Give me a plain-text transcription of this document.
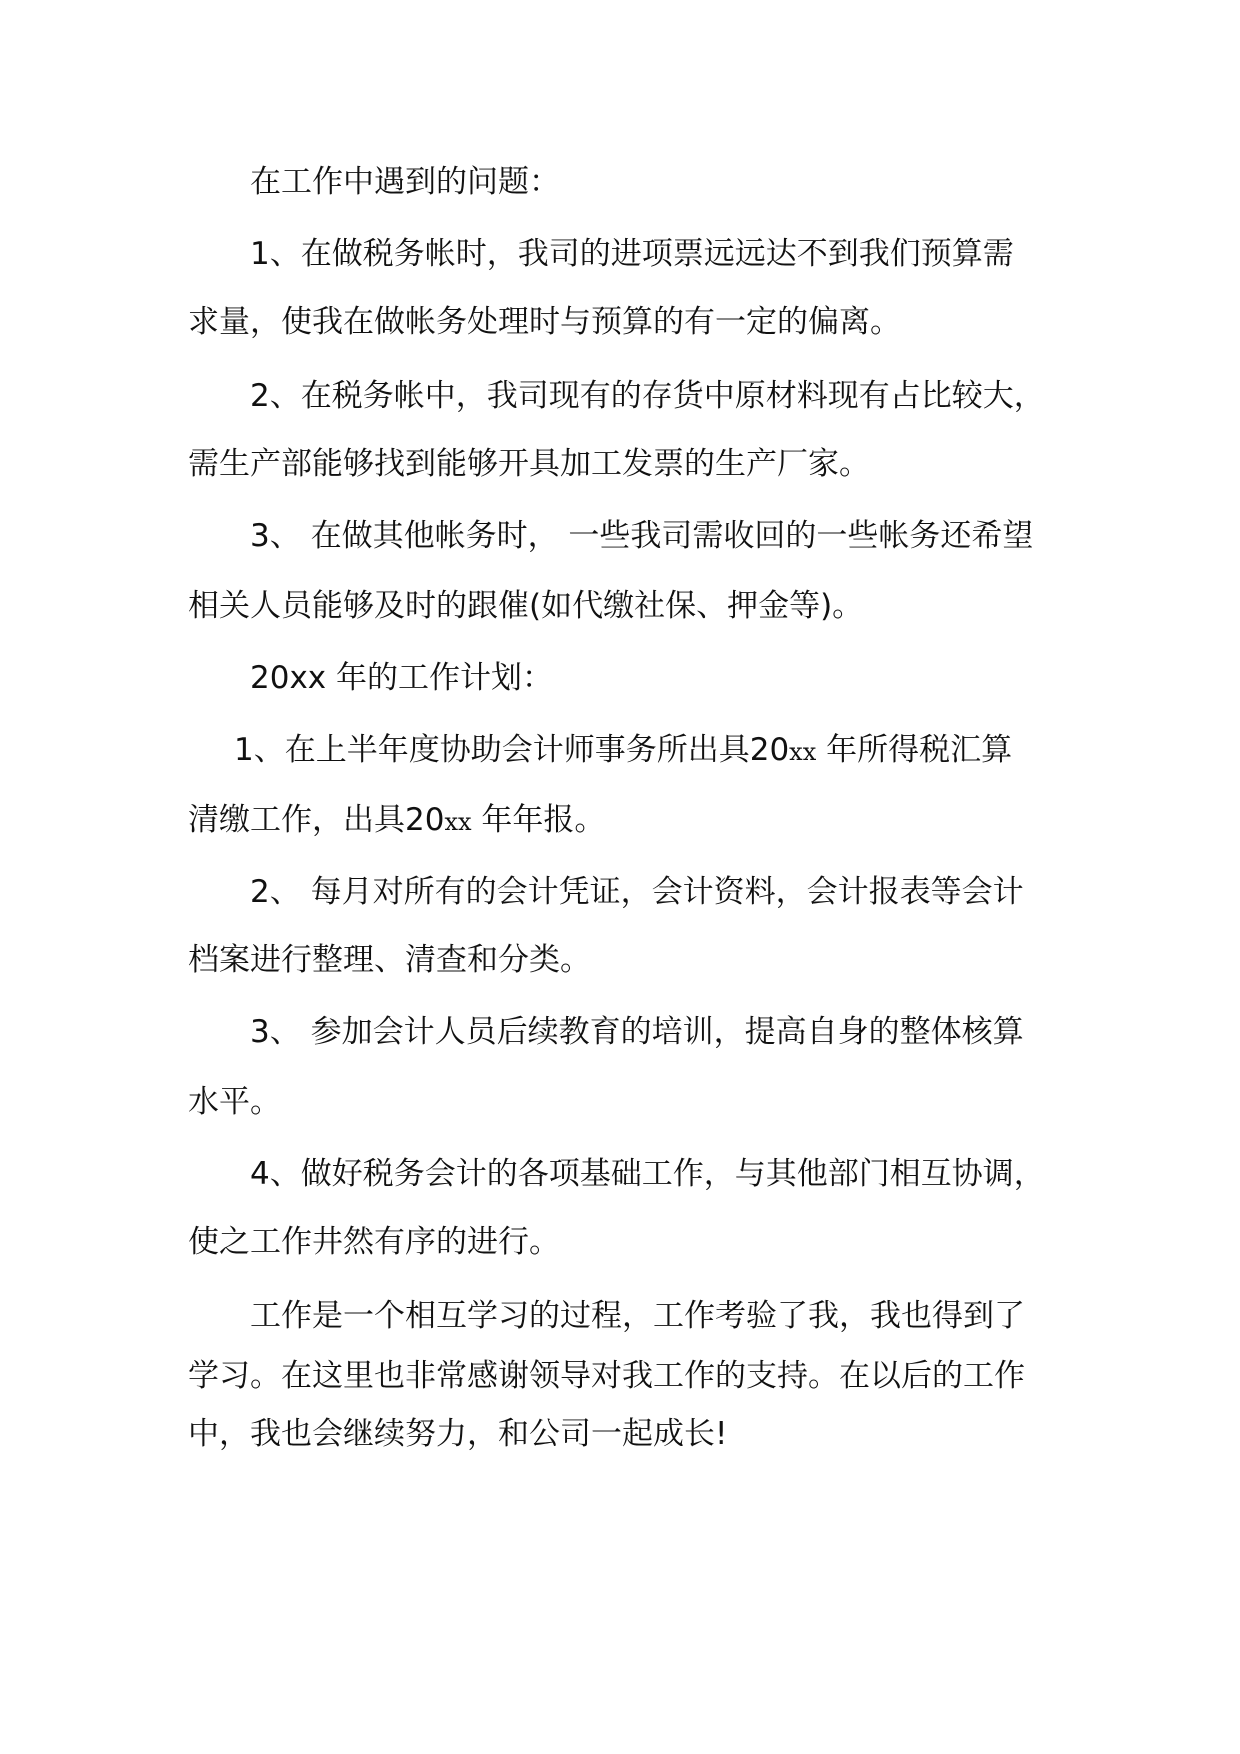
在工作中遇到的问题：
1、在做税务帐时，我司的进项票远远达不到我们预算需
求量，使我在做帐务处理时与预算的有一定的偏离。
2、在税务帐中，我司现有的存货中原材料现有占比较大，
需生产部能够找到能够开具加工发票的生产厂家。
3、 在做其他帐务时， 一些我司需收回的一些帐务还希望
相关人员能够及时的跟催(如代缴社保、押金等)。
20xx 年的工作计划：
1、在上半年度协助会计师事务所出具20xx 年所得税汇算
清缴工作，出具20xx 年年报。
2、 每月对所有的会计凭证，会计资料，会计报表等会计
档案进行整理、清查和分类。
3、 参加会计人员后续教育的培训，提高自身的整体核算
水平。
4、做好税务会计的各项基础工作，与其他部门相互协调，
使之工作井然有序的进行。
工作是一个相互学习的过程，工作考验了我，我也得到了
学习。在这里也非常感谢领导对我工作的支持。在以后的工作
中，我也会继续努力，和公司一起成长!
